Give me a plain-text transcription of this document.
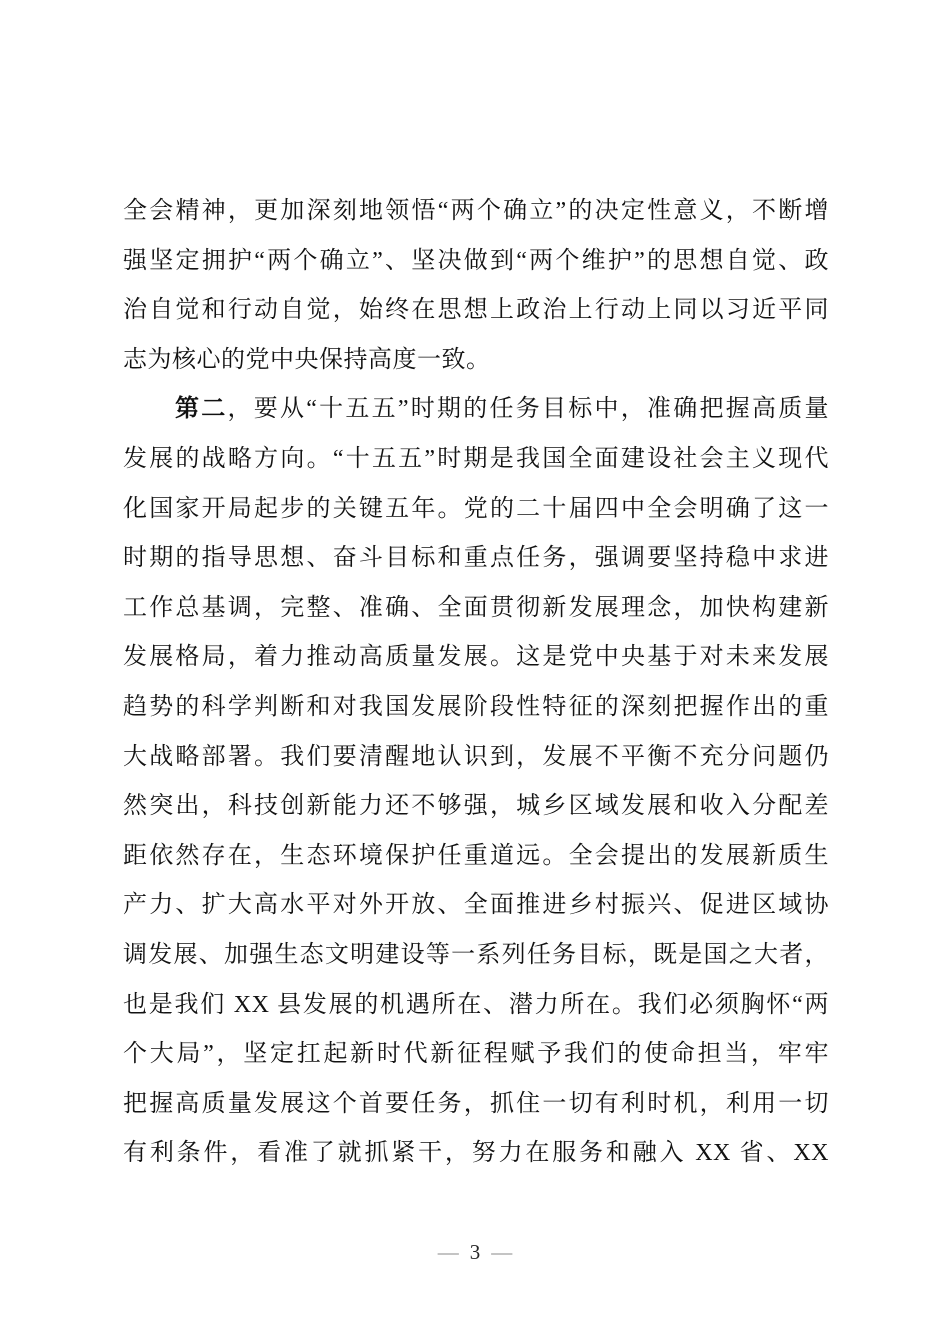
全会精神，更加深刻地领悟“两个确立”的决定性意义，不断增
强坚定拥护“两个确立”、坚决做到“两个维护”的思想自觉、政
治自觉和行动自觉，始终在思想上政治上行动上同以习近平同
志为核心的党中央保持高度一致。
第二，要从“十五五”时期的任务目标中，准确把握高质量
发展的战略方向。“十五五”时期是我国全面建设社会主义现代
化国家开局起步的关键五年。党的二十届四中全会明确了这一
时期的指导思想、奋斗目标和重点任务，强调要坚持稳中求进
工作总基调，完整、准确、全面贯彻新发展理念，加快构建新
发展格局，着力推动高质量发展。这是党中央基于对未来发展
趋势的科学判断和对我国发展阶段性特征的深刻把握作出的重
大战略部署。我们要清醒地认识到，发展不平衡不充分问题仍
然突出，科技创新能力还不够强，城乡区域发展和收入分配差
距依然存在，生态环境保护任重道远。全会提出的发展新质生
产力、扩大高水平对外开放、全面推进乡村振兴、促进区域协
调发展、加强生态文明建设等一系列任务目标，既是国之大者，
也是我们 XX 县发展的机遇所在、潜力所在。我们必须胸怀“两
个大局”，坚定扛起新时代新征程赋予我们的使命担当，牢牢
把握高质量发展这个首要任务，抓住一切有利时机，利用一切
有利条件，看准了就抓紧干，努力在服务和融入 XX 省、XX
— 3 —
